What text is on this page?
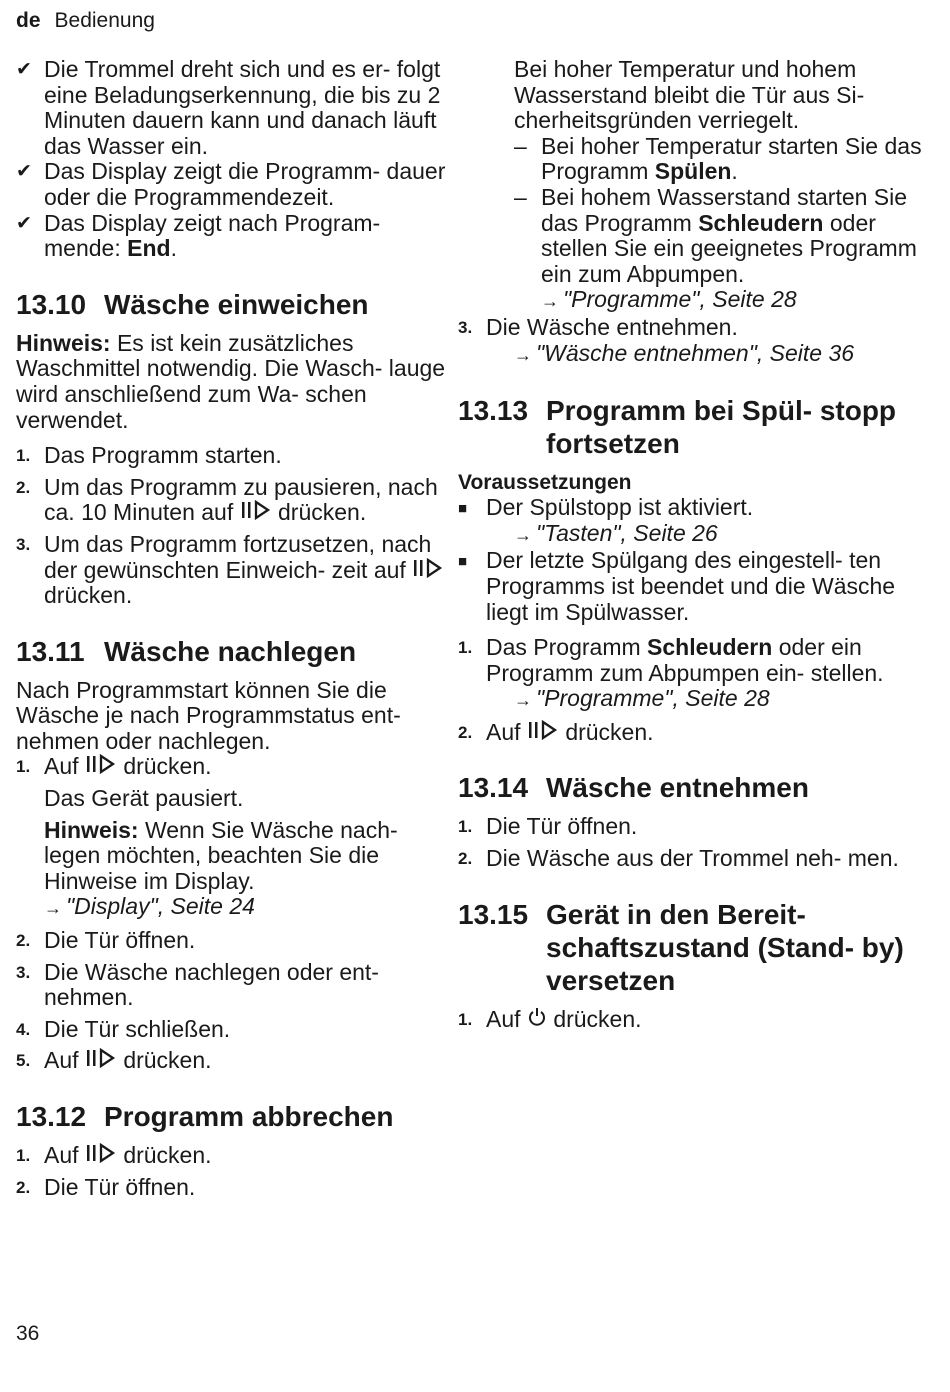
de Bedienung
✔ Die Trommel dreht sich und es er- folgt eine Beladungserkennung, die bis zu 2 Minuten dauern kann und danach läuft das Wasser ein.
✔ Das Display zeigt die Programm- dauer oder die Programmendezeit.
✔ Das Display zeigt nach Program- mende: End.
13.10 Wäsche einweichen

Hinweis: Es ist kein zusätzliches Waschmittel notwendig. Die Wasch- lauge wird anschließend zum Wa- schen verwendet.

1. Das Programm starten.
2. Um das Programm zu pausieren, nach ca. 10 Minuten auf drücken.
3. Um das Programm fortzusetzen, nach der gewünschten Einweich- zeit auf  drücken.
13.11 Wäsche nachlegen

Nach Programmstart können Sie die Wäsche je nach Programmstatus ent- nehmen oder nachlegen.

1. Auf drücken.
Das Gerät pausiert.
Hinweis: Wenn Sie Wäsche nach- legen möchten, beachten Sie die Hinweise im Display.
→ "Display", Seite 24
2. Die Tür öffnen.
3. Die Wäsche nachlegen oder ent- nehmen.
4. Die Tür schließen.
5. Auf drücken.
13.12 Programm abbrechen
1. Auf drücken.
2. Die Tür öffnen.
Bei hoher Temperatur und hohem Wasserstand bleibt die Tür aus Si- cherheitsgründen verriegelt.
– Bei hoher Temperatur starten Sie das Programm Spülen.
– Bei hohem Wasserstand starten Sie das Programm Schleudern oder stellen Sie ein geeignetes Programm ein zum Abpumpen.
→ "Programme", Seite 28
3. Die Wäsche entnehmen.
→ "Wäsche entnehmen", Seite 36
13.13 Programm bei Spül- stopp fortsetzen
Voraussetzungen
■ Der Spülstopp ist aktiviert.
→ "Tasten", Seite 26
■ Der letzte Spülgang des eingestell- ten Programms ist beendet und die Wäsche liegt im Spülwasser.
1. Das Programm Schleudern oder ein Programm zum Abpumpen ein- stellen.
→ "Programme", Seite 28
2. Auf drücken.
13.14 Wäsche entnehmen
1. Die Tür öffnen.
2. Die Wäsche aus der Trommel neh- men.
13.15 Gerät in den Bereit- schaftszustand (Stand- by) versetzen
1. Auf drücken.
36
